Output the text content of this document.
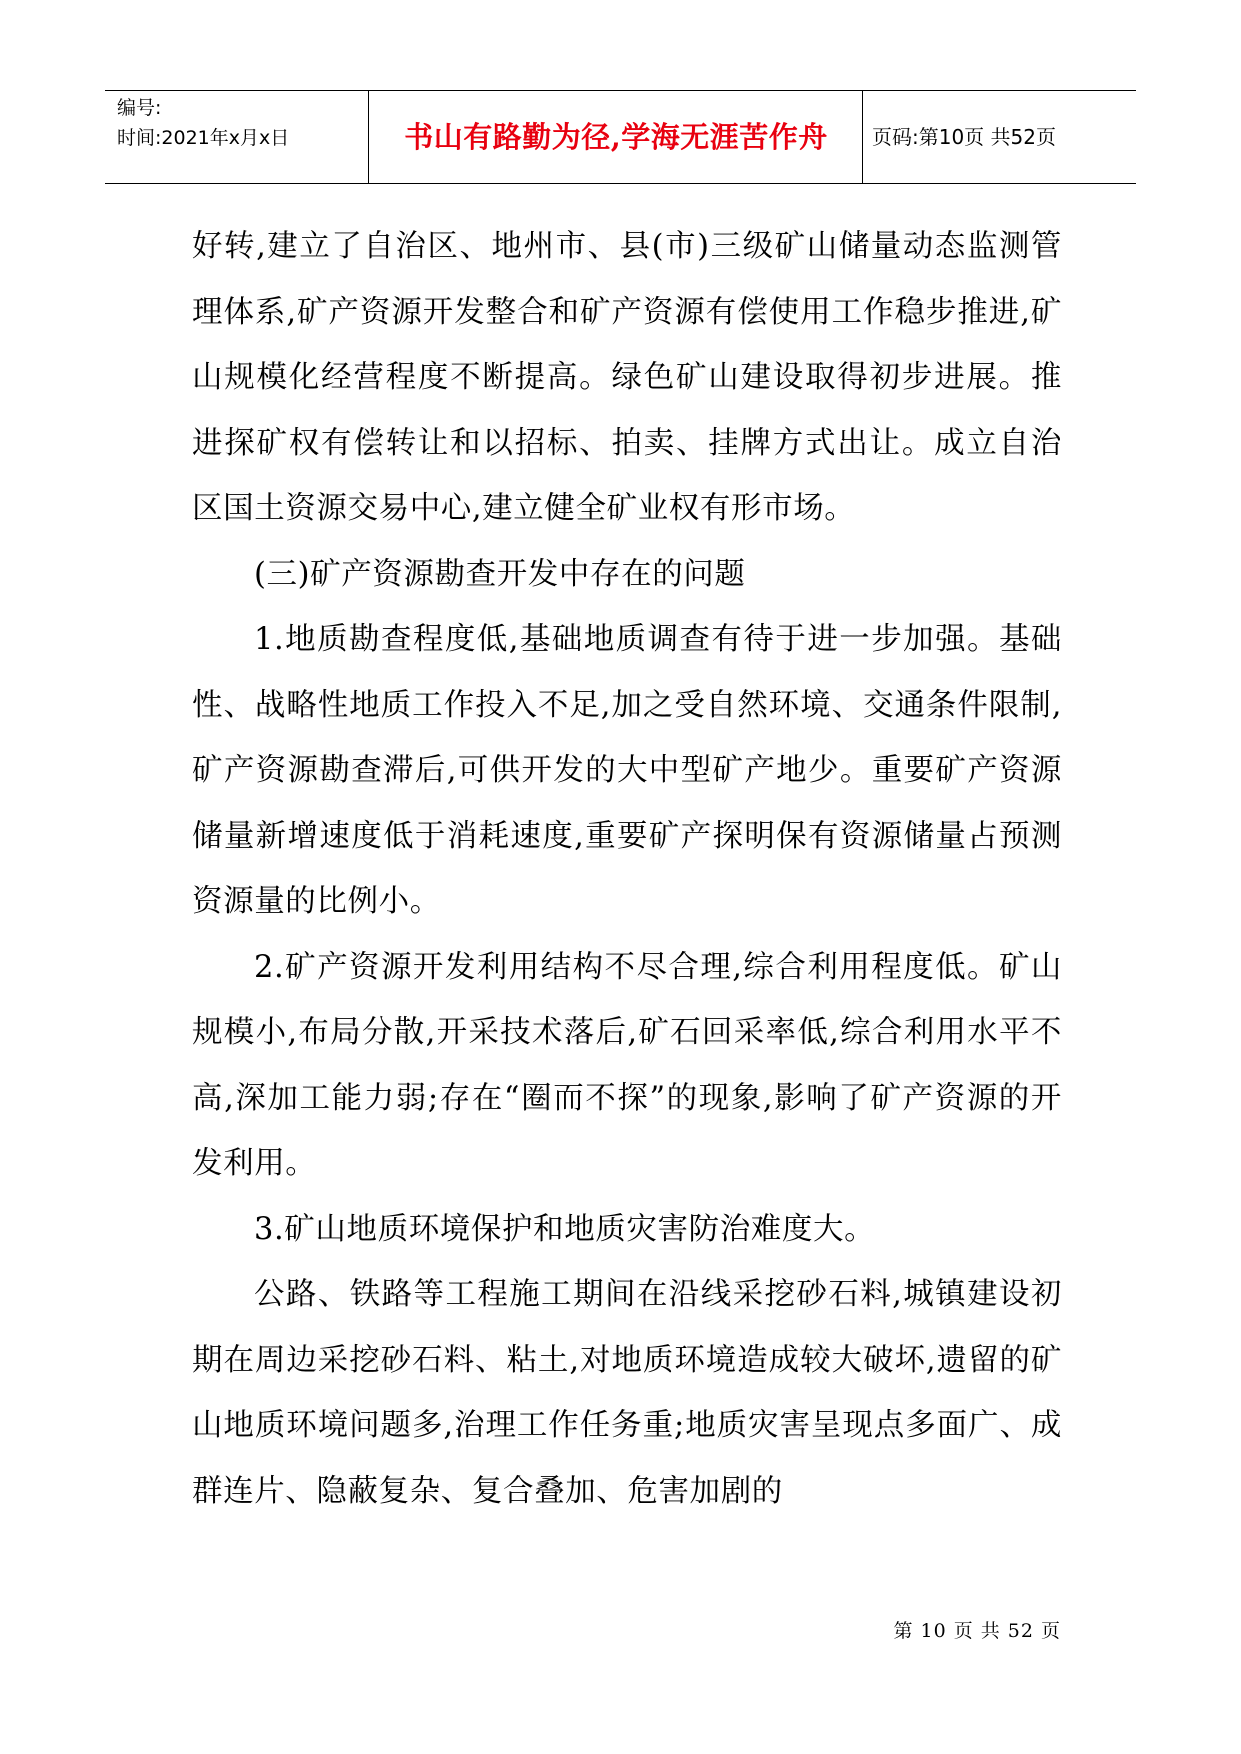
编号:
时间:2021年x月x日	书山有路勤为径,学海无涯苦作舟	页码:第10页 共52页

好转,建立了自治区、地州市、县(市)三级矿山储量动态监测管理体系,矿产资源开发整合和矿产资源有偿使用工作稳步推进,矿山规模化经营程度不断提高。绿色矿山建设取得初步进展。推进探矿权有偿转让和以招标、拍卖、挂牌方式出让。成立自治区国土资源交易中心,建立健全矿业权有形市场。

(三)矿产资源勘查开发中存在的问题

1.地质勘查程度低,基础地质调查有待于进一步加强。基础性、战略性地质工作投入不足,加之受自然环境、交通条件限制,矿产资源勘查滞后,可供开发的大中型矿产地少。重要矿产资源储量新增速度低于消耗速度,重要矿产探明保有资源储量占预测资源量的比例小。

2.矿产资源开发利用结构不尽合理,综合利用程度低。矿山规模小,布局分散,开采技术落后,矿石回采率低,综合利用水平不高,深加工能力弱;存在“圈而不探”的现象,影响了矿产资源的开发利用。

3.矿山地质环境保护和地质灾害防治难度大。

公路、铁路等工程施工期间在沿线采挖砂石料,城镇建设初期在周边采挖砂石料、粘土,对地质环境造成较大破坏,遗留的矿山地质环境问题多,治理工作任务重;地质灾害呈现点多面广、成群连片、隐蔽复杂、复合叠加、危害加剧的

第 10 页 共 52 页
